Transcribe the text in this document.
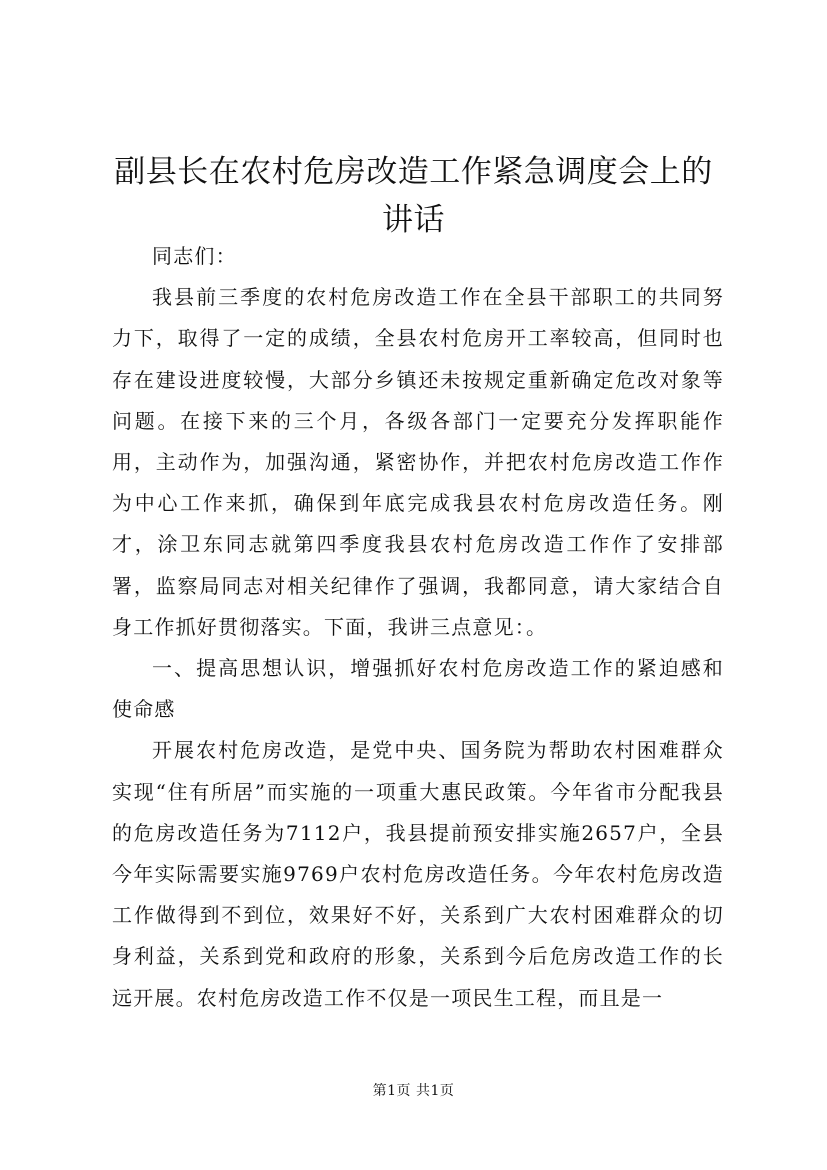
副县长在农村危房改造工作紧急调度会上的讲话

同志们：

我县前三季度的农村危房改造工作在全县干部职工的共同努力下，取得了一定的成绩，全县农村危房开工率较高，但同时也存在建设进度较慢，大部分乡镇还未按规定重新确定危改对象等问题。在接下来的三个月，各级各部门一定要充分发挥职能作用，主动作为，加强沟通，紧密协作，并把农村危房改造工作作为中心工作来抓，确保到年底完成我县农村危房改造任务。刚才，涂卫东同志就第四季度我县农村危房改造工作作了安排部署，监察局同志对相关纪律作了强调，我都同意，请大家结合自身工作抓好贯彻落实。下面，我讲三点意见：。

一、提高思想认识，增强抓好农村危房改造工作的紧迫感和使命感

开展农村危房改造，是党中央、国务院为帮助农村困难群众实现“住有所居”而实施的一项重大惠民政策。今年省市分配我县的危房改造任务为7112户，我县提前预安排实施2657户，全县今年实际需要实施9769户农村危房改造任务。今年农村危房改造工作做得到不到位，效果好不好，关系到广大农村困难群众的切身利益，关系到党和政府的形象，关系到今后危房改造工作的长远开展。农村危房改造工作不仅是一项民生工程，而且是一

第1页 共1页
